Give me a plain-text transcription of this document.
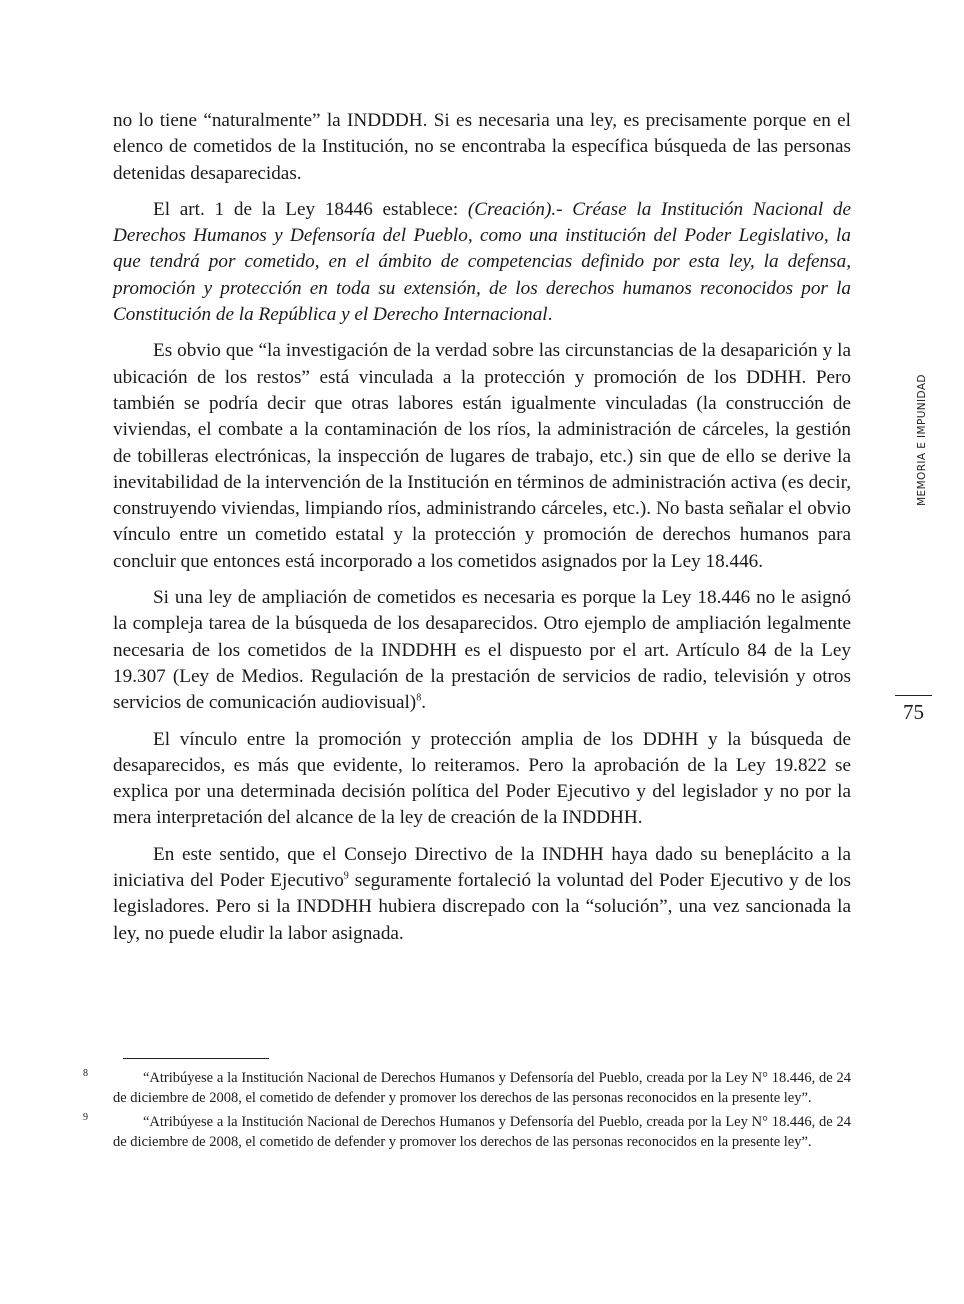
no lo tiene “naturalmente” la INDDDH. Si es necesaria una ley, es precisamente porque en el elenco de cometidos de la Institución, no se encontraba la específica búsqueda de las personas detenidas desaparecidas.

El art. 1 de la Ley 18446 establece: (Creación).- Créase la Institución Nacional de Derechos Humanos y Defensoría del Pueblo, como una institución del Poder Legislativo, la que tendrá por cometido, en el ámbito de competencias definido por esta ley, la defensa, promoción y protección en toda su extensión, de los derechos humanos reconocidos por la Constitución de la República y el Derecho Internacional.

Es obvio que “la investigación de la verdad sobre las circunstancias de la desaparición y la ubicación de los restos” está vinculada a la protección y promoción de los DDHH. Pero también se podría decir que otras labores están igualmente vinculadas (la construcción de viviendas, el combate a la contaminación de los ríos, la administración de cárceles, la gestión de tobilleras electrónicas, la inspección de lugares de trabajo, etc.) sin que de ello se derive la inevitabilidad de la intervención de la Institución en términos de administración activa (es decir, construyendo viviendas, limpiando ríos, administrando cárceles, etc.). No basta señalar el obvio vínculo entre un cometido estatal y la protección y promoción de derechos humanos para concluir que entonces está incorporado a los cometidos asignados por la Ley 18.446.

Si una ley de ampliación de cometidos es necesaria es porque la Ley 18.446 no le asignó la compleja tarea de la búsqueda de los desaparecidos. Otro ejemplo de ampliación legalmente necesaria de los cometidos de la INDDHH es el dispuesto por el art. Artículo 84 de la Ley 19.307 (Ley de Medios. Regulación de la prestación de servicios de radio, televisión y otros servicios de comunicación audiovisual)$^8$.

El vínculo entre la promoción y protección amplia de los DDHH y la búsqueda de desaparecidos, es más que evidente, lo reiteramos. Pero la aprobación de la Ley 19.822 se explica por una determinada decisión política del Poder Ejecutivo y del legislador y no por la mera interpretación del alcance de la ley de creación de la INDDHH.

En este sentido, que el Consejo Directivo de la INDHH haya dado su beneplácito a la iniciativa del Poder Ejecutivo$^9$ seguramente fortaleció la voluntad del Poder Ejecutivo y de los legisladores. Pero si la INDDHH hubiera discrepado con la “solución”, una vez sancionada la ley, no puede eludir la labor asignada.

MEMORIA E IMPUNIDAD
75

8	“Atribúyese a la Institución Nacional de Derechos Humanos y Defensoría del Pueblo, creada por la Ley N° 18.446, de 24 de diciembre de 2008, el cometido de defender y promover los derechos de las personas reconocidos en la presente ley”.

9	“Atribúyese a la Institución Nacional de Derechos Humanos y Defensoría del Pueblo, creada por la Ley N° 18.446, de 24 de diciembre de 2008, el cometido de defender y promover los derechos de las personas reconocidos en la presente ley”.
